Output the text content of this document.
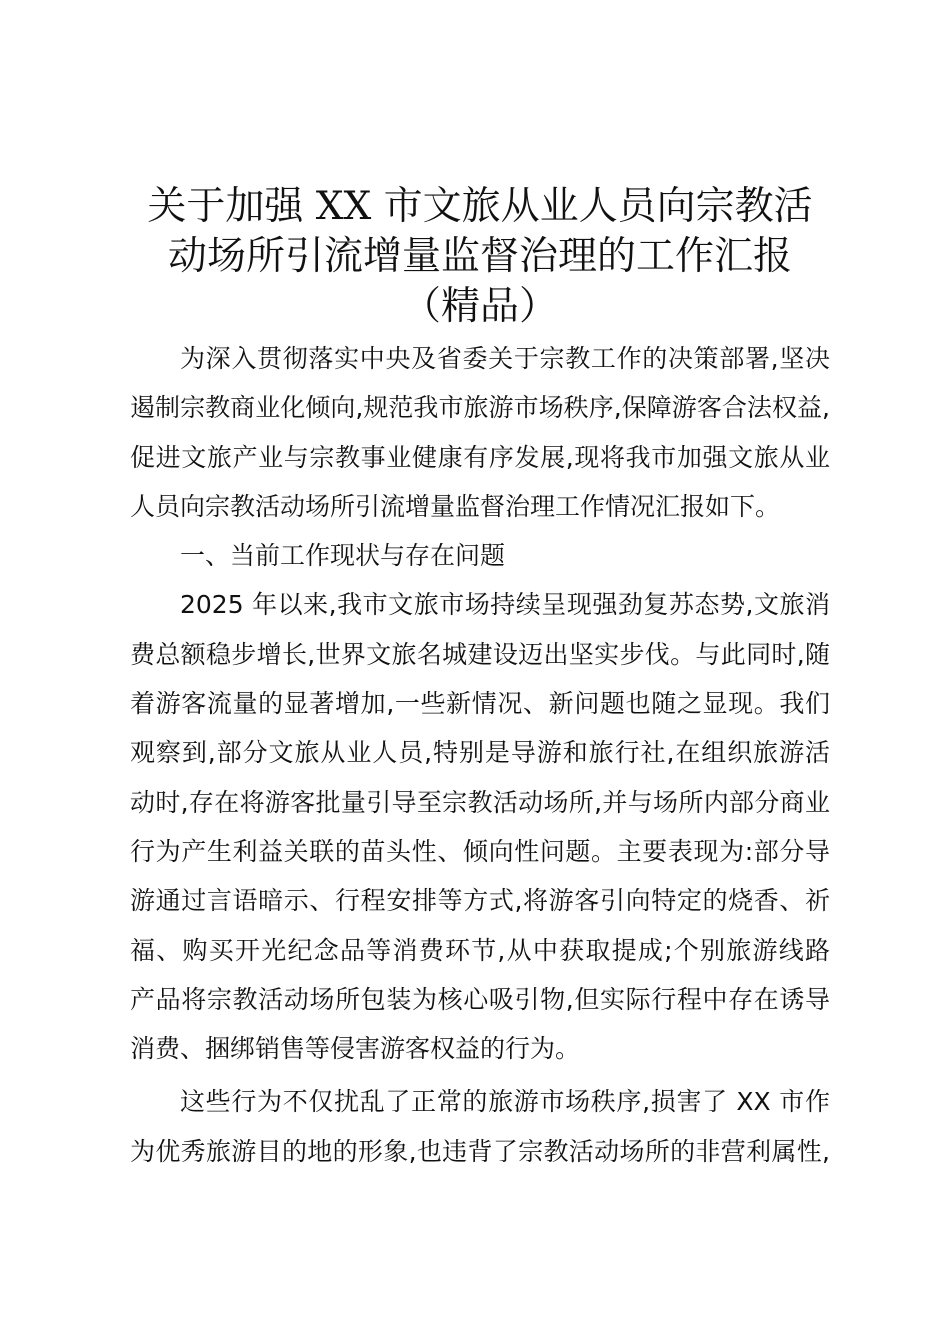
关于加强 XX 市文旅从业人员向宗教活
动场所引流增量监督治理的工作汇报
（精品）
为深入贯彻落实中央及省委关于宗教工作的决策部署,坚决
遏制宗教商业化倾向,规范我市旅游市场秩序,保障游客合法权益,
促进文旅产业与宗教事业健康有序发展,现将我市加强文旅从业
人员向宗教活动场所引流增量监督治理工作情况汇报如下。
一、当前工作现状与存在问题
2025 年以来,我市文旅市场持续呈现强劲复苏态势,文旅消
费总额稳步增长,世界文旅名城建设迈出坚实步伐。与此同时,随
着游客流量的显著增加,一些新情况、新问题也随之显现。我们
观察到,部分文旅从业人员,特别是导游和旅行社,在组织旅游活
动时,存在将游客批量引导至宗教活动场所,并与场所内部分商业
行为产生利益关联的苗头性、倾向性问题。主要表现为:部分导
游通过言语暗示、行程安排等方式,将游客引向特定的烧香、祈
福、购买开光纪念品等消费环节,从中获取提成;个别旅游线路
产品将宗教活动场所包装为核心吸引物,但实际行程中存在诱导
消费、捆绑销售等侵害游客权益的行为。
这些行为不仅扰乱了正常的旅游市场秩序,损害了 XX 市作
为优秀旅游目的地的形象,也违背了宗教活动场所的非营利属性,
